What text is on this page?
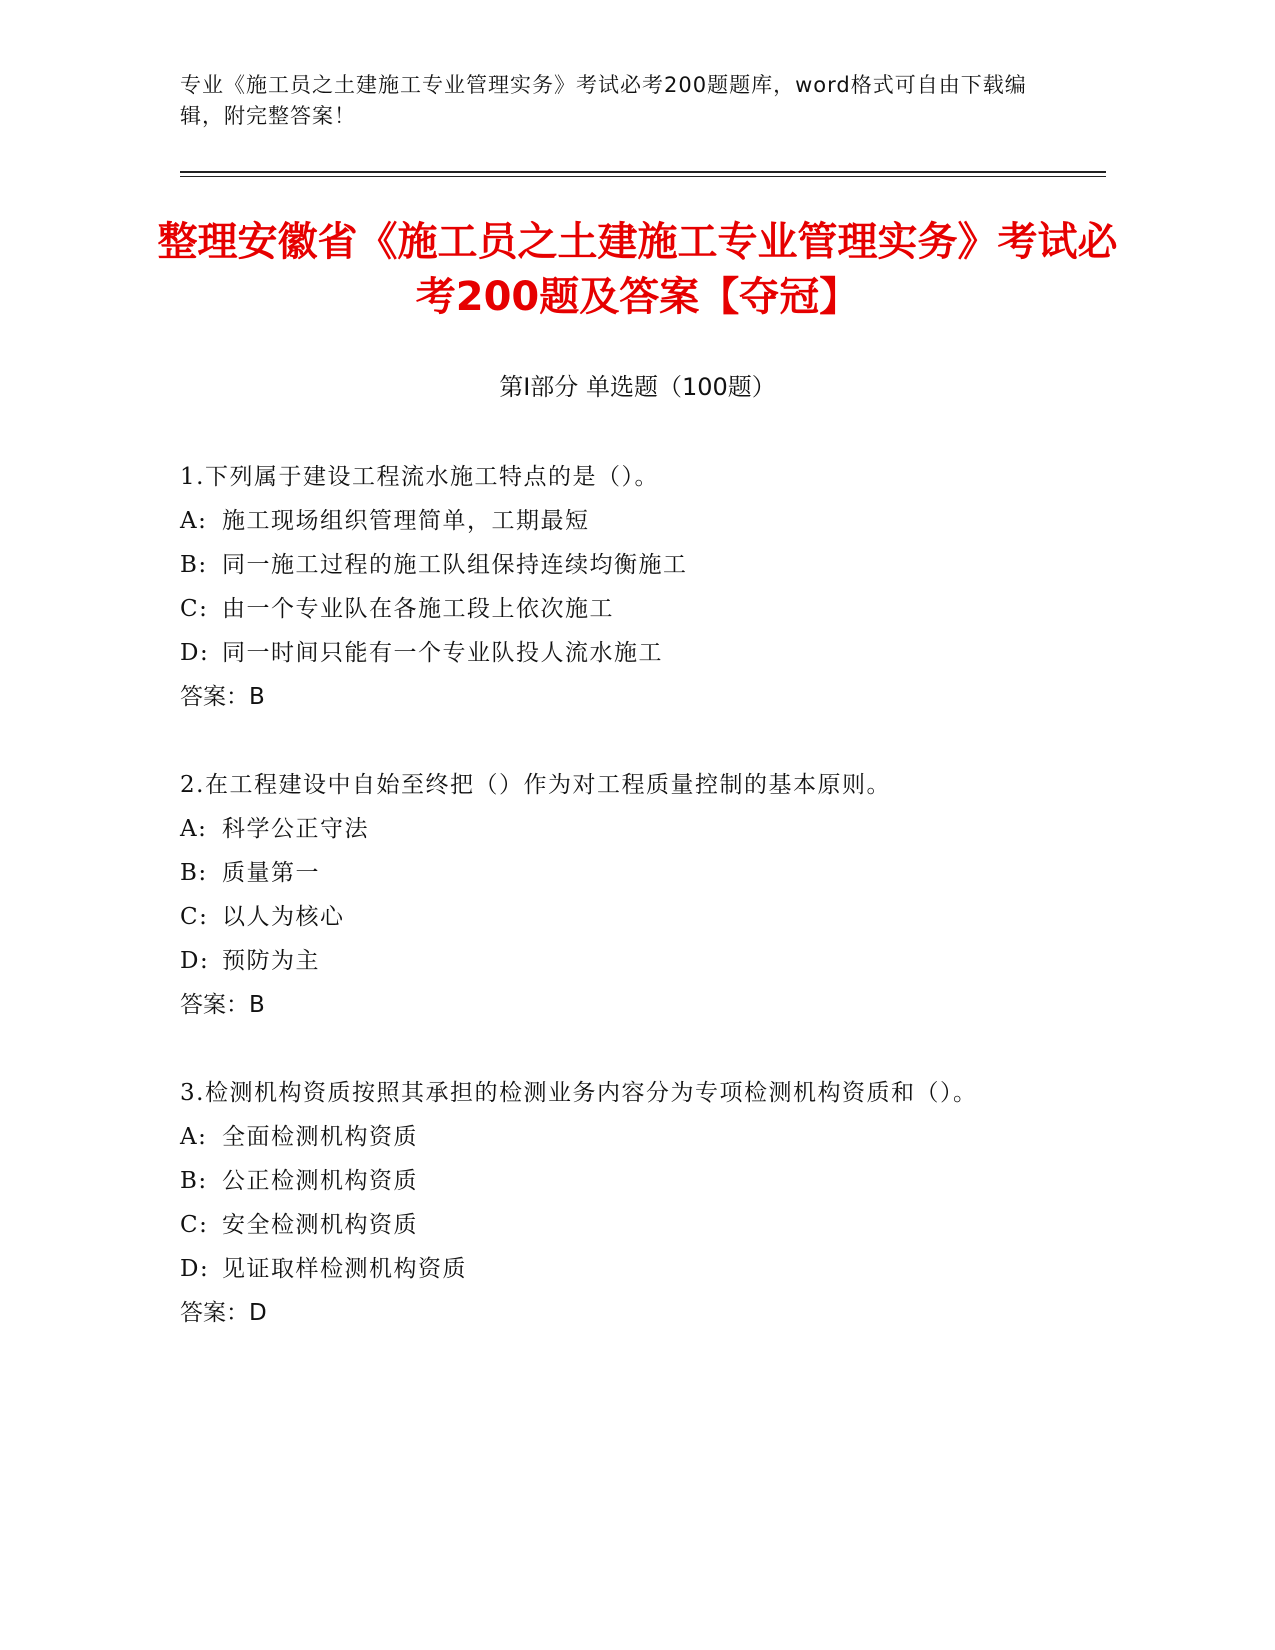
专业《施工员之土建施工专业管理实务》考试必考200题题库，word格式可自由下载编辑，附完整答案！
整理安徽省《施工员之土建施工专业管理实务》考试必考200题及答案【夺冠】
第Ⅰ部分 单选题（100题）
1.下列属于建设工程流水施工特点的是（）。
A: 施工现场组织管理简单，工期最短
B: 同一施工过程的施工队组保持连续均衡施工
C: 由一个专业队在各施工段上依次施工
D: 同一时间只能有一个专业队投人流水施工
答案：B
2.在工程建设中自始至终把（）作为对工程质量控制的基本原则。
A: 科学公正守法
B: 质量第一
C: 以人为核心
D: 预防为主
答案：B
3.检测机构资质按照其承担的检测业务内容分为专项检测机构资质和（）。
A: 全面检测机构资质
B: 公正检测机构资质
C: 安全检测机构资质
D: 见证取样检测机构资质
答案：D
